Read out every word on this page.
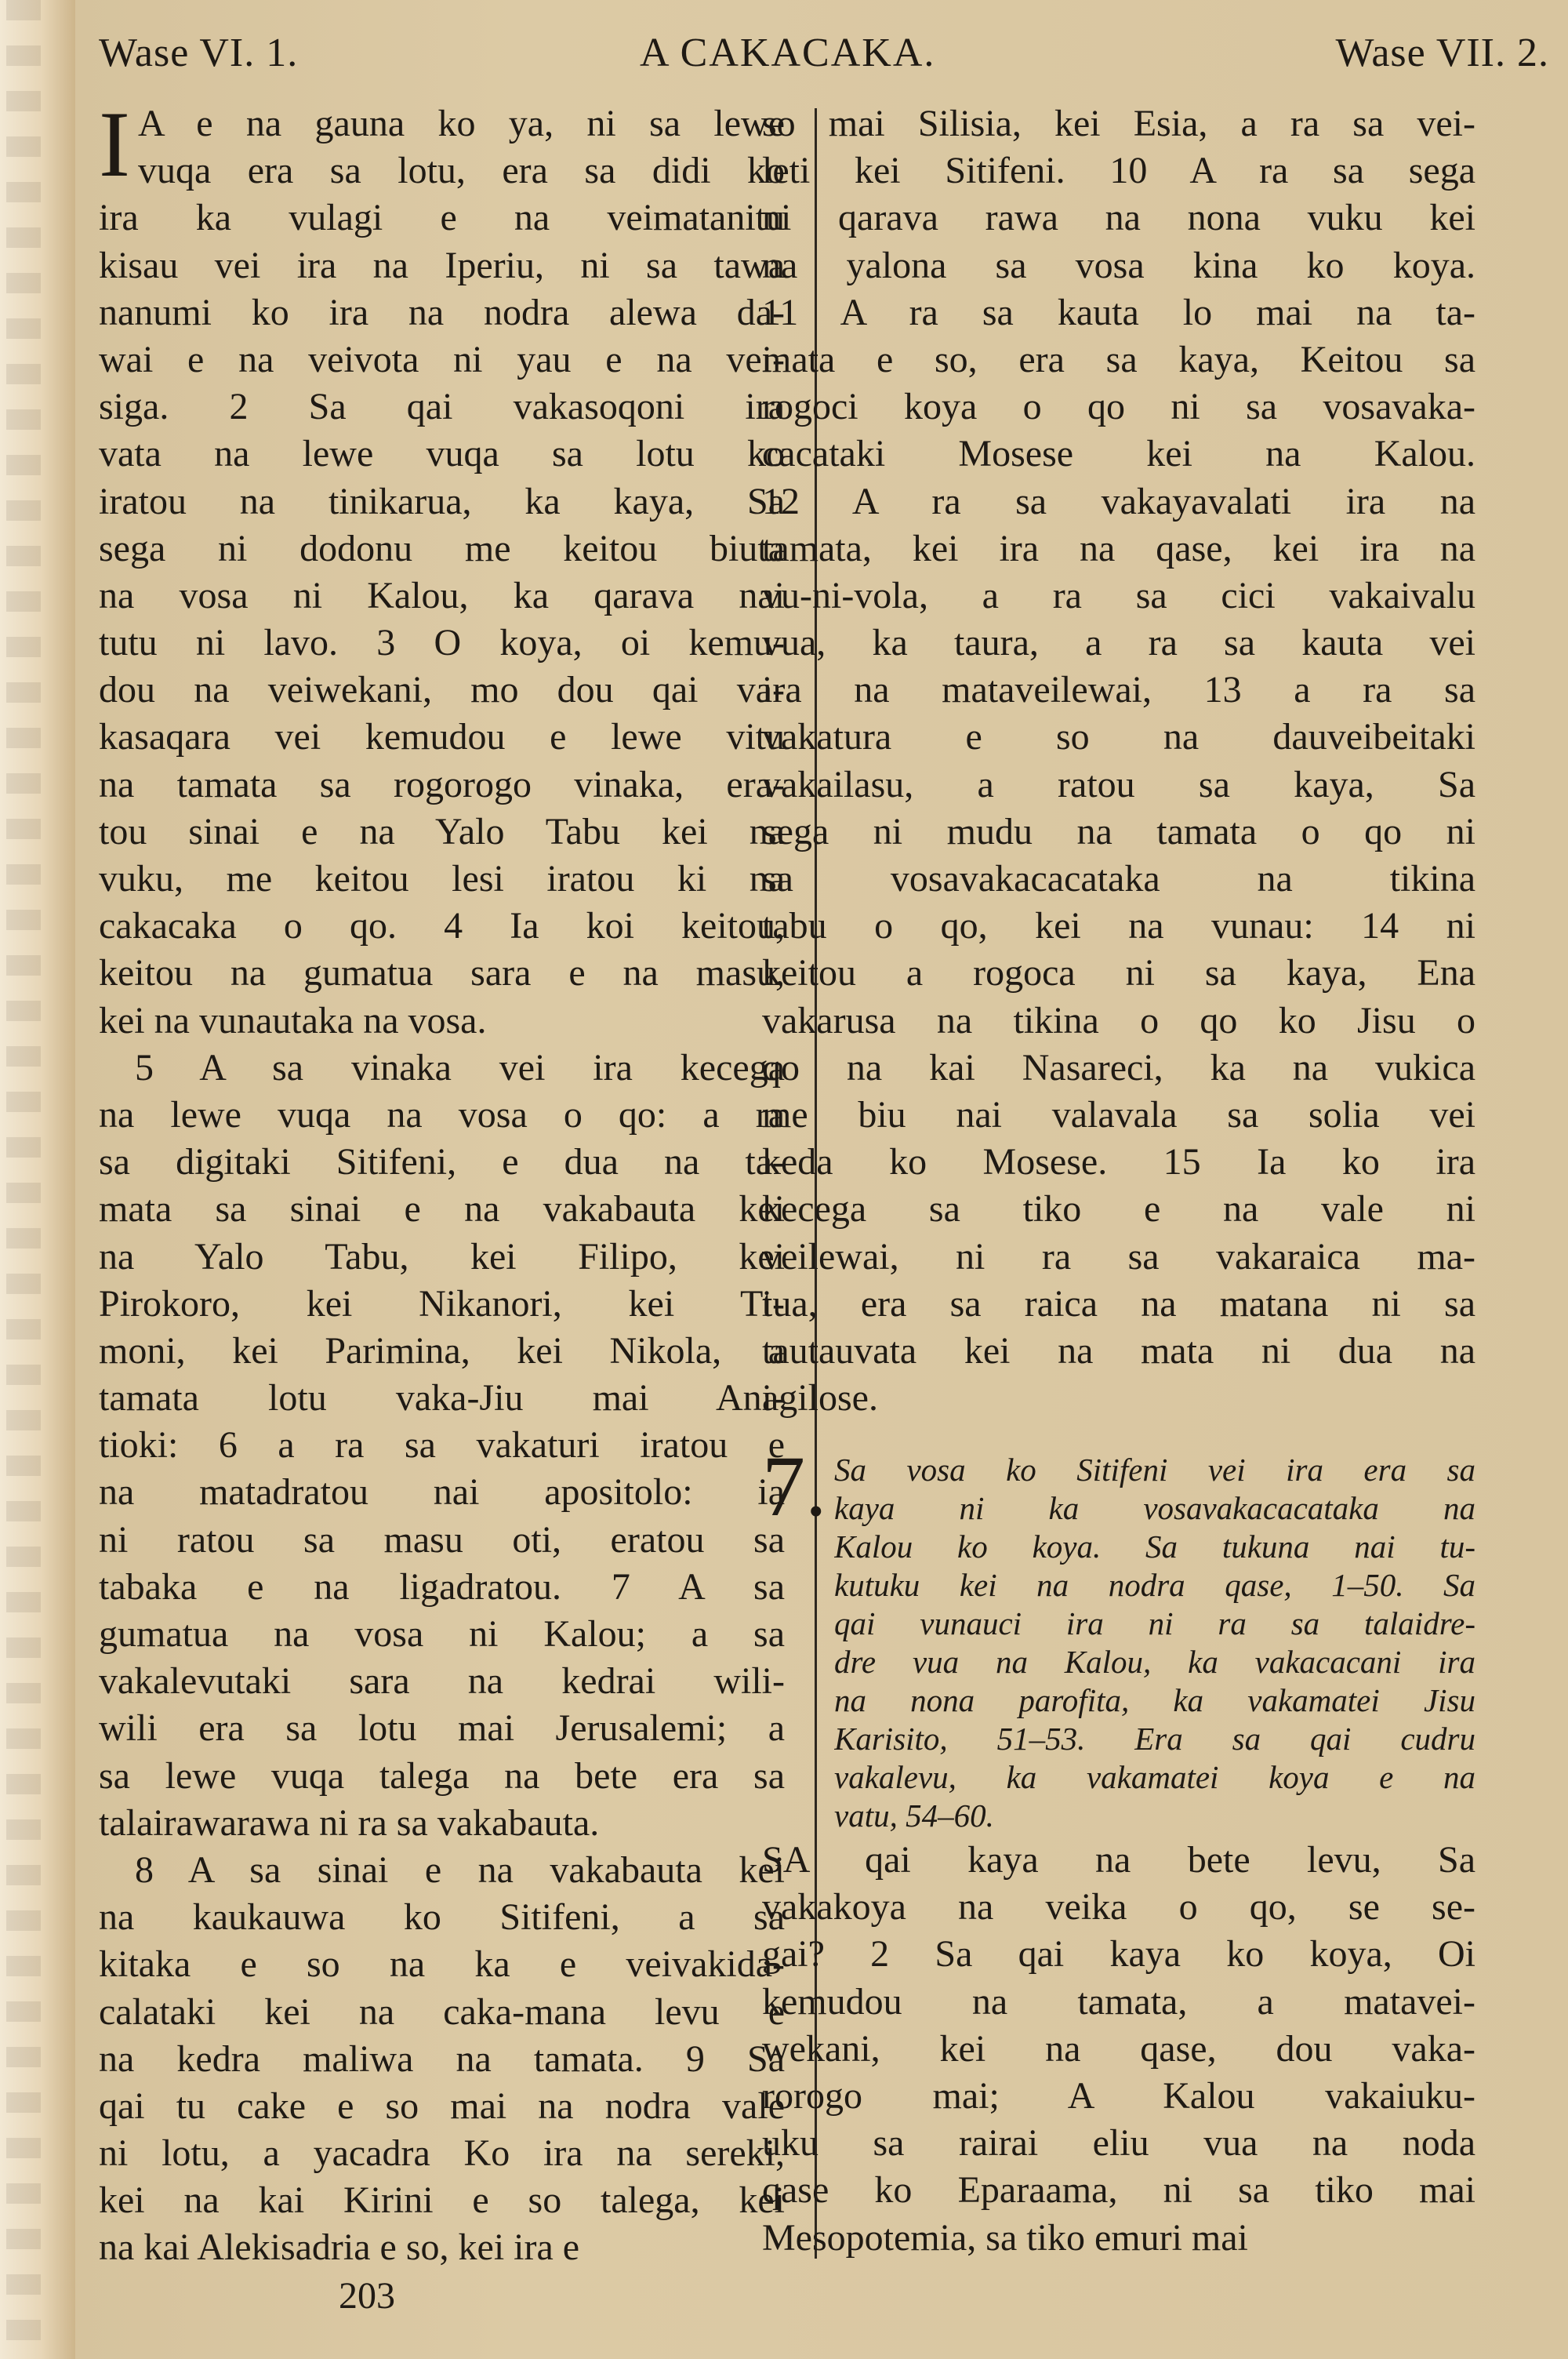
Wase VI. 1.	A CAKACAKA.	Wase VII. 2.
I A e na gauna ko ya, ni sa lewe
vuqa era sa lotu, era sa didi ko
ira ka vulagi e na veimatanitu
kisau vei ira na Iperiu, ni sa tawa
nanumi ko ira na nodra alewa da-
wai e na veivota ni yau e na vei-
siga. 2 Sa qai vakasoqoni ira
vata na lewe vuqa sa lotu ko
iratou na tinikarua, ka kaya, Sa
sega ni dodonu me keitou biuta
na vosa ni Kalou, ka qarava nai
tutu ni lavo. 3 O koya, oi kemu-
dou na veiwekani, mo dou qai va-
kasaqara vei kemudou e lewe vitu
na tamata sa rogorogo vinaka, era-
tou sinai e na Yalo Tabu kei na
vuku, me keitou lesi iratou ki na
cakacaka o qo. 4 Ia koi keitou,
keitou na gumatua sara e na masu,
kei na vunautaka na vosa.
5 A sa vinaka vei ira kecega
na lewe vuqa na vosa o qo: a ra
sa digitaki Sitifeni, e dua na ta-
mata sa sinai e na vakabauta kei
na Yalo Tabu, kei Filipo, kei
Pirokoro, kei Nikanori, kei Ti-
moni, kei Parimina, kei Nikola, a
tamata lotu vaka-Jiu mai Ani-
tioki: 6 a ra sa vakaturi iratou e
na matadratou nai apositolo: ia
ni ratou sa masu oti, eratou sa
tabaka e na ligadratou. 7 A sa
gumatua na vosa ni Kalou; a sa
vakalevutaki sara na kedrai wili-
wili era sa lotu mai Jerusalemi; a
sa lewe vuqa talega na bete era sa
talairawarawa ni ra sa vakabauta.
8 A sa sinai e na vakabauta kei
na kaukauwa ko Sitifeni, a sa
kitaka e so na ka e veivakida-
calataki kei na caka-mana levu e
na kedra maliwa na tamata. 9 Sa
qai tu cake e so mai na nodra vale
ni lotu, a yacadra Ko ira na sereki,
kei na kai Kirini e so talega, kei
na kai Alekisadria e so, kei ira e
so mai Silisia, kei Esia, a ra sa vei-
leti kei Sitifeni. 10 A ra sa sega
ni qarava rawa na nona vuku kei
na yalona sa vosa kina ko koya.
11 A ra sa kauta lo mai na ta-
mata e so, era sa kaya, Keitou sa
rogoci koya o qo ni sa vosavaka-
cacataki Mosese kei na Kalou.
12 A ra sa vakayavalati ira na
tamata, kei ira na qase, kei ira na
vu-ni-vola, a ra sa cici vakaivalu
vua, ka taura, a ra sa kauta vei
ira na mataveilewai, 13 a ra sa
vakatura e so na dauveibeitaki
vakailasu, a ratou sa kaya, Sa
sega ni mudu na tamata o qo ni
sa vosavakacacataka na tikina
tabu o qo, kei na vunau: 14 ni
keitou a rogoca ni sa kaya, Ena
vakarusa na tikina o qo ko Jisu o
qo na kai Nasareci, ka na vukica
me biu nai valavala sa solia vei
keda ko Mosese. 15 Ia ko ira
kecega sa tiko e na vale ni
veilewai, ni ra sa vakaraica ma-
tua, era sa raica na matana ni sa
tautauvata kei na mata ni dua na
agilose.
7. Sa vosa ko Sitifeni vei ira era sa
kaya ni ka vosavakacacataka na
Kalou ko koya. Sa tukuna nai tu-
kutuku kei na nodra qase, 1–50. Sa
qai vunauci ira ni ra sa talaidre-
dre vua na Kalou, ka vakacacani ira
na nona parofita, ka vakamatei Jisu
Karisito, 51–53. Era sa qai cudru
vakalevu, ka vakamatei koya e na
vatu, 54–60.
SA qai kaya na bete levu, Sa
vakakoya na veika o qo, se se-
gai? 2 Sa qai kaya ko koya, Oi
kemudou na tamata, a mataveі-
wekani, kei na qase, dou vaka-
rorogo mai; A Kalou vakaiuku-
uku sa rairai eliu vua na noda
qase ko Eparaama, ni sa tiko mai
Mesopotemia, sa tiko emuri mai
203
